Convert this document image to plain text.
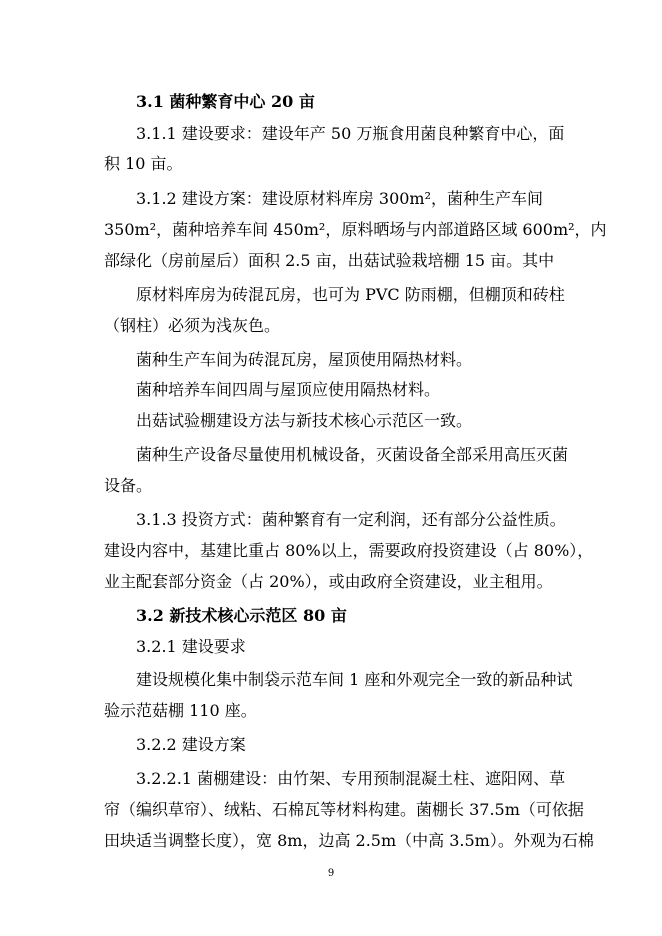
3.1 菌种繁育中心 20 亩
3.1.1 建设要求：建设年产 50 万瓶食用菌良种繁育中心，面
积 10 亩。
3.1.2 建设方案：建设原材料库房 300m²，菌种生产车间
350m²，菌种培养车间 450m²，原料晒场与内部道路区域 600m²，内
部绿化（房前屋后）面积 2.5 亩，出菇试验栽培棚 15 亩。其中
原材料库房为砖混瓦房，也可为 PVC 防雨棚，但棚顶和砖柱
（钢柱）必须为浅灰色。
菌种生产车间为砖混瓦房，屋顶使用隔热材料。
菌种培养车间四周与屋顶应使用隔热材料。
出菇试验棚建设方法与新技术核心示范区一致。
菌种生产设备尽量使用机械设备，灭菌设备全部采用高压灭菌
设备。
3.1.3 投资方式：菌种繁育有一定利润，还有部分公益性质。
建设内容中，基建比重占 80%以上，需要政府投资建设（占 80%），
业主配套部分资金（占 20%），或由政府全资建设，业主租用。
3.2 新技术核心示范区 80 亩
3.2.1 建设要求
建设规模化集中制袋示范车间 1 座和外观完全一致的新品种试
验示范菇棚 110 座。
3.2.2 建设方案
3.2.2.1 菌棚建设：由竹架、专用预制混凝土柱、遮阳网、草
帘（编织草帘）、绒粘、石棉瓦等材料构建。菌棚长 37.5m（可依据
田块适当调整长度），宽 8m，边高 2.5m（中高 3.5m）。外观为石棉
9
